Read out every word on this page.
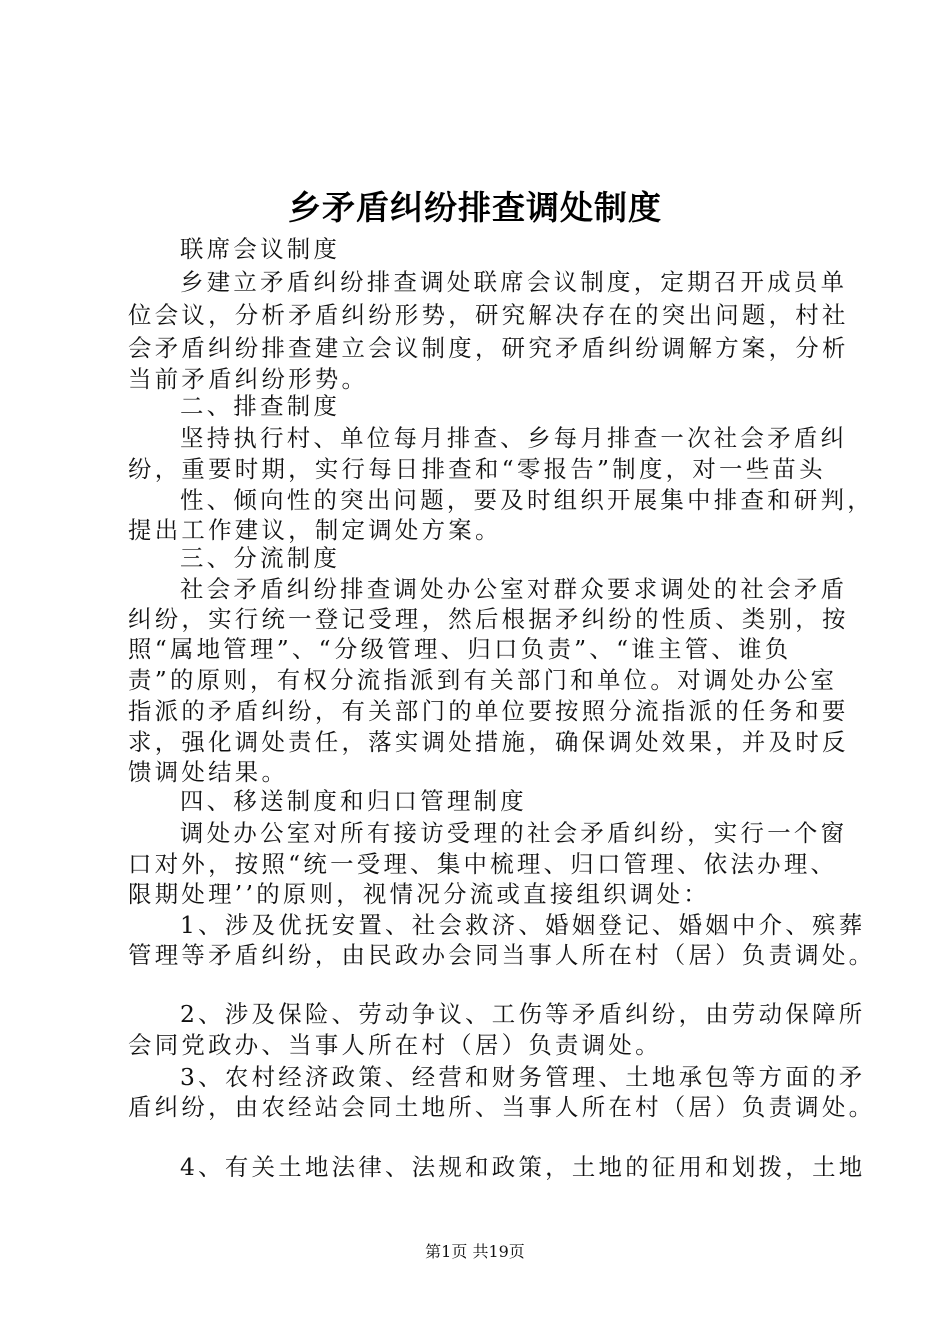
乡矛盾纠纷排查调处制度
联席会议制度
乡建立矛盾纠纷排查调处联席会议制度，定期召开成员单
位会议，分析矛盾纠纷形势，研究解决存在的突出问题，村社
会矛盾纠纷排查建立会议制度，研究矛盾纠纷调解方案，分析
当前矛盾纠纷形势。
二、排查制度
坚持执行村、单位每月排查、乡每月排查一次社会矛盾纠
纷，重要时期，实行每日排查和“零报告”制度，对一些苗头
性、倾向性的突出问题，要及时组织开展集中排查和研判，
提出工作建议，制定调处方案。
三、分流制度
社会矛盾纠纷排查调处办公室对群众要求调处的社会矛盾
纠纷，实行统一登记受理，然后根据矛纠纷的性质、类别，按
照“属地管理”、“分级管理、归口负责”、“谁主管、谁负
责”的原则，有权分流指派到有关部门和单位。对调处办公室
指派的矛盾纠纷，有关部门的单位要按照分流指派的任务和要
求，强化调处责任，落实调处措施，确保调处效果，并及时反
馈调处结果。
四、移送制度和归口管理制度
调处办公室对所有接访受理的社会矛盾纠纷，实行一个窗
口对外，按照“统一受理、集中梳理、归口管理、依法办理、
限期处理’’的原则，视情况分流或直接组织调处：
1、涉及优抚安置、社会救济、婚姻登记、婚姻中介、殡葬
管理等矛盾纠纷，由民政办会同当事人所在村（居）负责调处。
2、涉及保险、劳动争议、工伤等矛盾纠纷，由劳动保障所
会同党政办、当事人所在村（居）负责调处。
3、农村经济政策、经营和财务管理、土地承包等方面的矛
盾纠纷，由农经站会同土地所、当事人所在村（居）负责调处。
4、有关土地法律、法规和政策，土地的征用和划拨，土地
第1页 共19页
